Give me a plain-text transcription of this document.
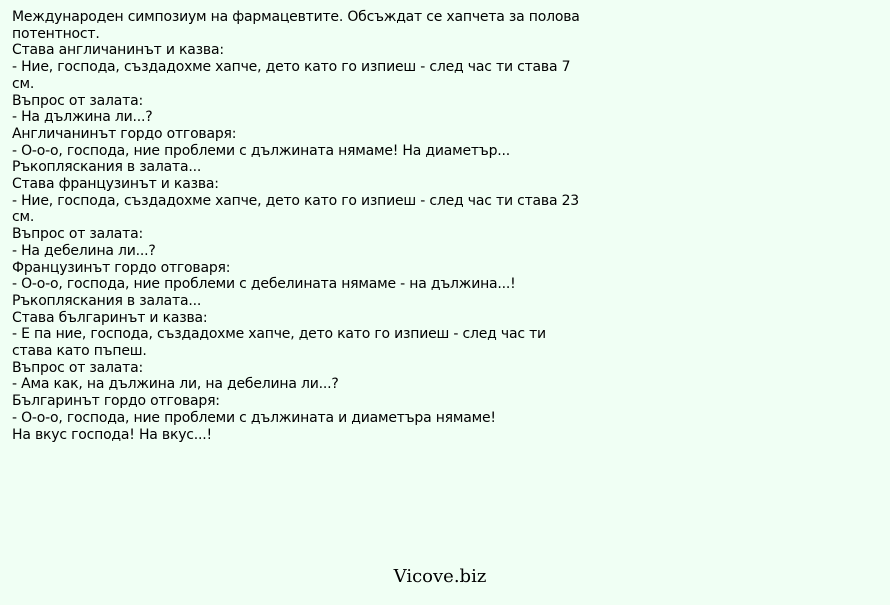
Международен симпозиум на фармацевтите. Обсъждат се хапчета за полова потентност.
Става англичанинът и казва:
- Ние, господа, създадохме хапче, дето като го изпиеш - след час ти става 7 см.
Въпрос от залата:
- На дължина ли...?
Англичанинът гордо отговаря:
- О-о-о, господа, ние проблеми с дължината нямаме! На диаметър...
Ръкопляскания в залата...
Става французинът и казва:
- Ние, господа, създадохме хапче, дето като го изпиеш - след час ти става 23 см.
Въпрос от залата:
- На дебелина ли...?
Французинът гордо отговаря:
- О-о-о, господа, ние проблеми с дебелината нямаме - на дължина...!
Ръкопляскания в залата...
Става българинът и казва:
- Е па ние, господа, създадохме хапче, дето като го изпиеш - след час ти става като пъпеш.
Въпрос от залата:
- Ама как, на дължина ли, на дебелина ли...?
Българинът гордо отговаря:
- О-о-о, господа, ние проблеми с дължината и диаметъра нямаме!
На вкус господа! На вкус...!
Vicove.biz
